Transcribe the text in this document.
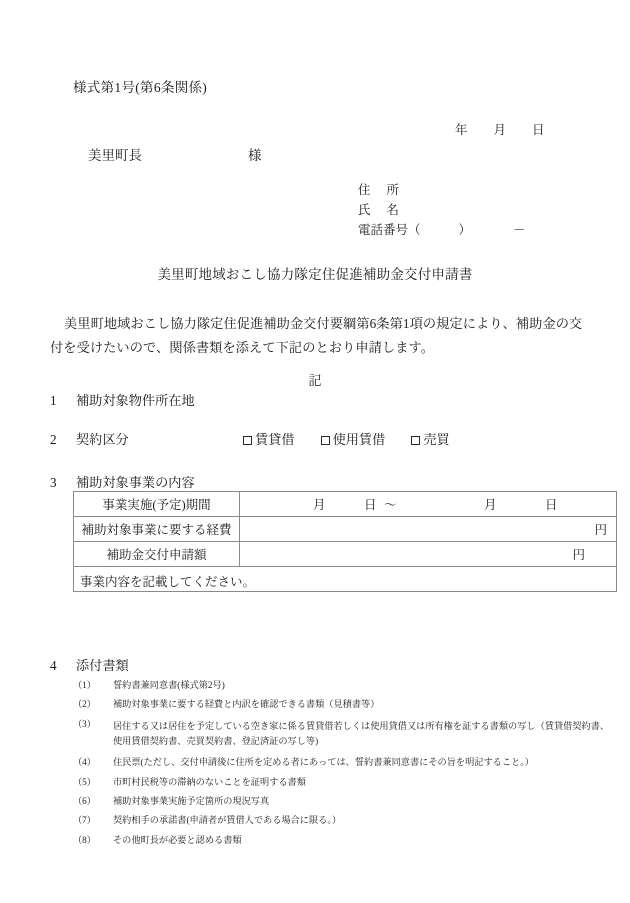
様式第1号(第6条関係)
年 月 日
美里町長	様
住 所
氏 名
電話番号（	）	－
美里町地域おこし協力隊定住促進補助金交付申請書
美里町地域おこし協力隊定住促進補助金交付要綱第6条第1項の規定により、補助金の交付を受けたいので、関係書類を添えて下記のとおり申請します。
記
1 補助対象物件所在地
2 契約区分	賃貸借	使用賃借	売買
3 補助対象事業の内容
事業実施(予定)期間	月 日 ～ 月 日

補助対象事業に要する経費	円

補助金交付申請額	円

事業内容を記載してください。	
4 添付書類
（1）	誓約書兼同意書(様式第2号)
（2）	補助対象事業に要する経費と内訳を確認できる書類（見積書等）
（3）	居住する又は居住を予定している空き家に係る賃貸借若しくは使用貸借又は所有権を証する書類の写し（賃貸借契約書、使用賃借契約書、売買契約書、登記済証の写し等)
（4）	住民票(ただし、交付申請後に住所を定める者にあっては、誓約書兼同意書にその旨を明記すること。）
（5）	市町村民税等の滞納のないことを証明する書類
（6）	補助対象事業実施予定箇所の現況写真
（7）	契約相手の承諾書(申請者が賃借人である場合に限る。）
（8）	その他町長が必要と認める書類
